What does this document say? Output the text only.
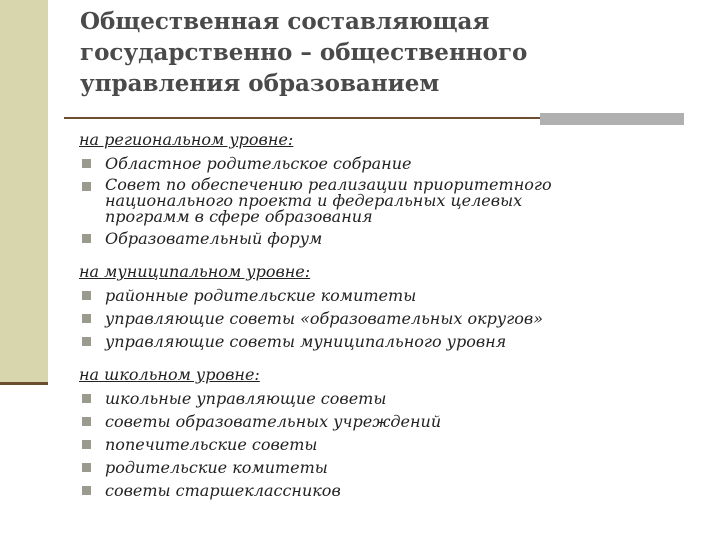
Общественная составляющая
государственно – общественного
управления образованием

на региональном уровне:

Областное родительское собрание
Совет по обеспечению реализации приоритетного
национального проекта и федеральных целевых
программ в сфере образования
Образовательный форум

на муниципальном уровне:

районные родительские комитеты
управляющие советы «образовательных округов»
управляющие советы муниципального уровня

на школьном уровне:

школьные управляющие советы
советы образовательных учреждений
попечительские советы
родительские комитеты
советы старшеклассников
